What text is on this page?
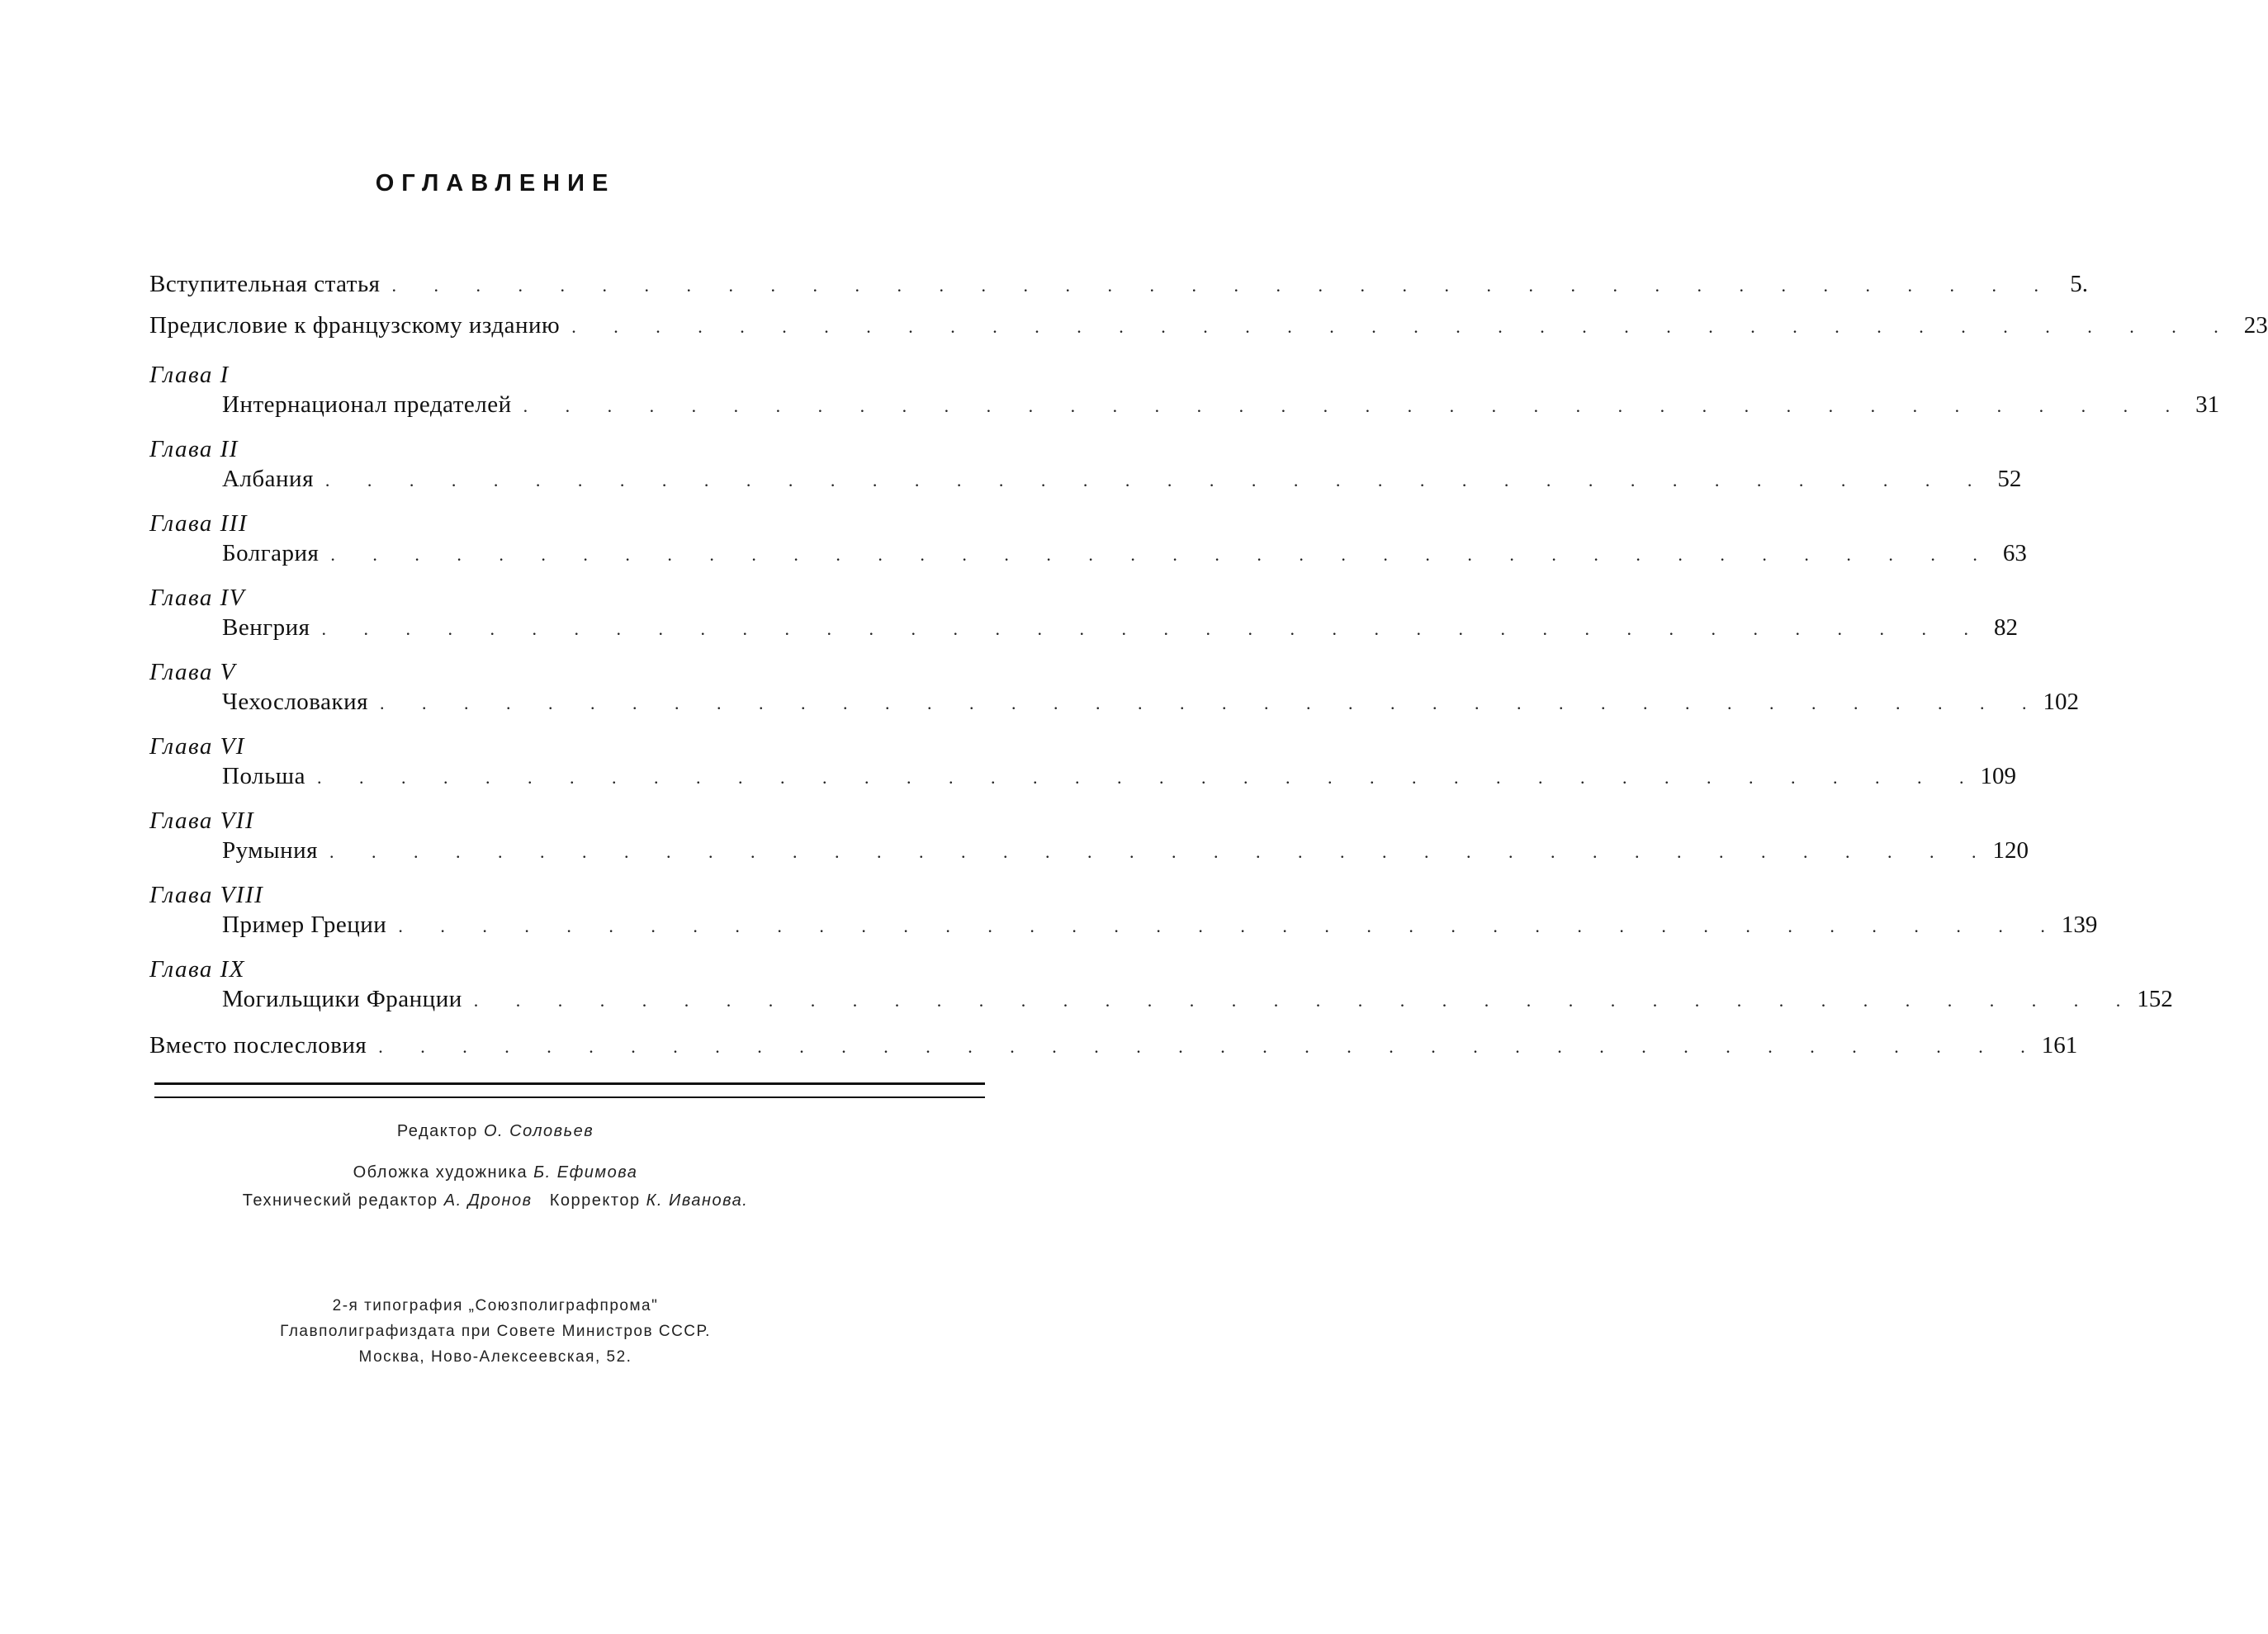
ОГЛАВЛЕНИЕ
Вступительная статья . . . . . . . . . . . . . . . . . . . . . . . . . . . . . . . . . . . . . . . . 5.
Предисловие к французскому изданию . . . . . . . . . . . . . . . . . . . . . . . . . . . . . . . . . . . . . . . . 23
Глава I
Интернационал предателей . . . . . . . . . . . . . . . . . . . . . . . . . . . . . . . . . . . . . . . . 31
Глава II
Албания . . . . . . . . . . . . . . . . . . . . . . . . . . . . . . . . . . . . . . . . 52
Глава III
Болгария . . . . . . . . . . . . . . . . . . . . . . . . . . . . . . . . . . . . . . . . 63
Глава IV
Венгрия . . . . . . . . . . . . . . . . . . . . . . . . . . . . . . . . . . . . . . . . 82
Глава V
Чехословакия . . . . . . . . . . . . . . . . . . . . . . . . . . . . . . . . . . . . . . . . 102
Глава VI
Польша . . . . . . . . . . . . . . . . . . . . . . . . . . . . . . . . . . . . . . . . 109
Глава VII
Румыния . . . . . . . . . . . . . . . . . . . . . . . . . . . . . . . . . . . . . . . . 120
Глава VIII
Пример Греции . . . . . . . . . . . . . . . . . . . . . . . . . . . . . . . . . . . . . . . . 139
Глава IX
Могильщики Франции . . . . . . . . . . . . . . . . . . . . . . . . . . . . . . . . . . . . . . . . 152
Вместо послесловия . . . . . . . . . . . . . . . . . . . . . . . . . . . . . . . . . . . . . . . . 161
Редактор О. Соловьев
Обложка художника Б. Ефимова
Технический редактор А. Дронов Корректор К. Иванова.
2-я типография „Союзполиграфпрома"
Главполиграфиздата при Совете Министров СССР.
Москва, Ново-Алексеевская, 52.
